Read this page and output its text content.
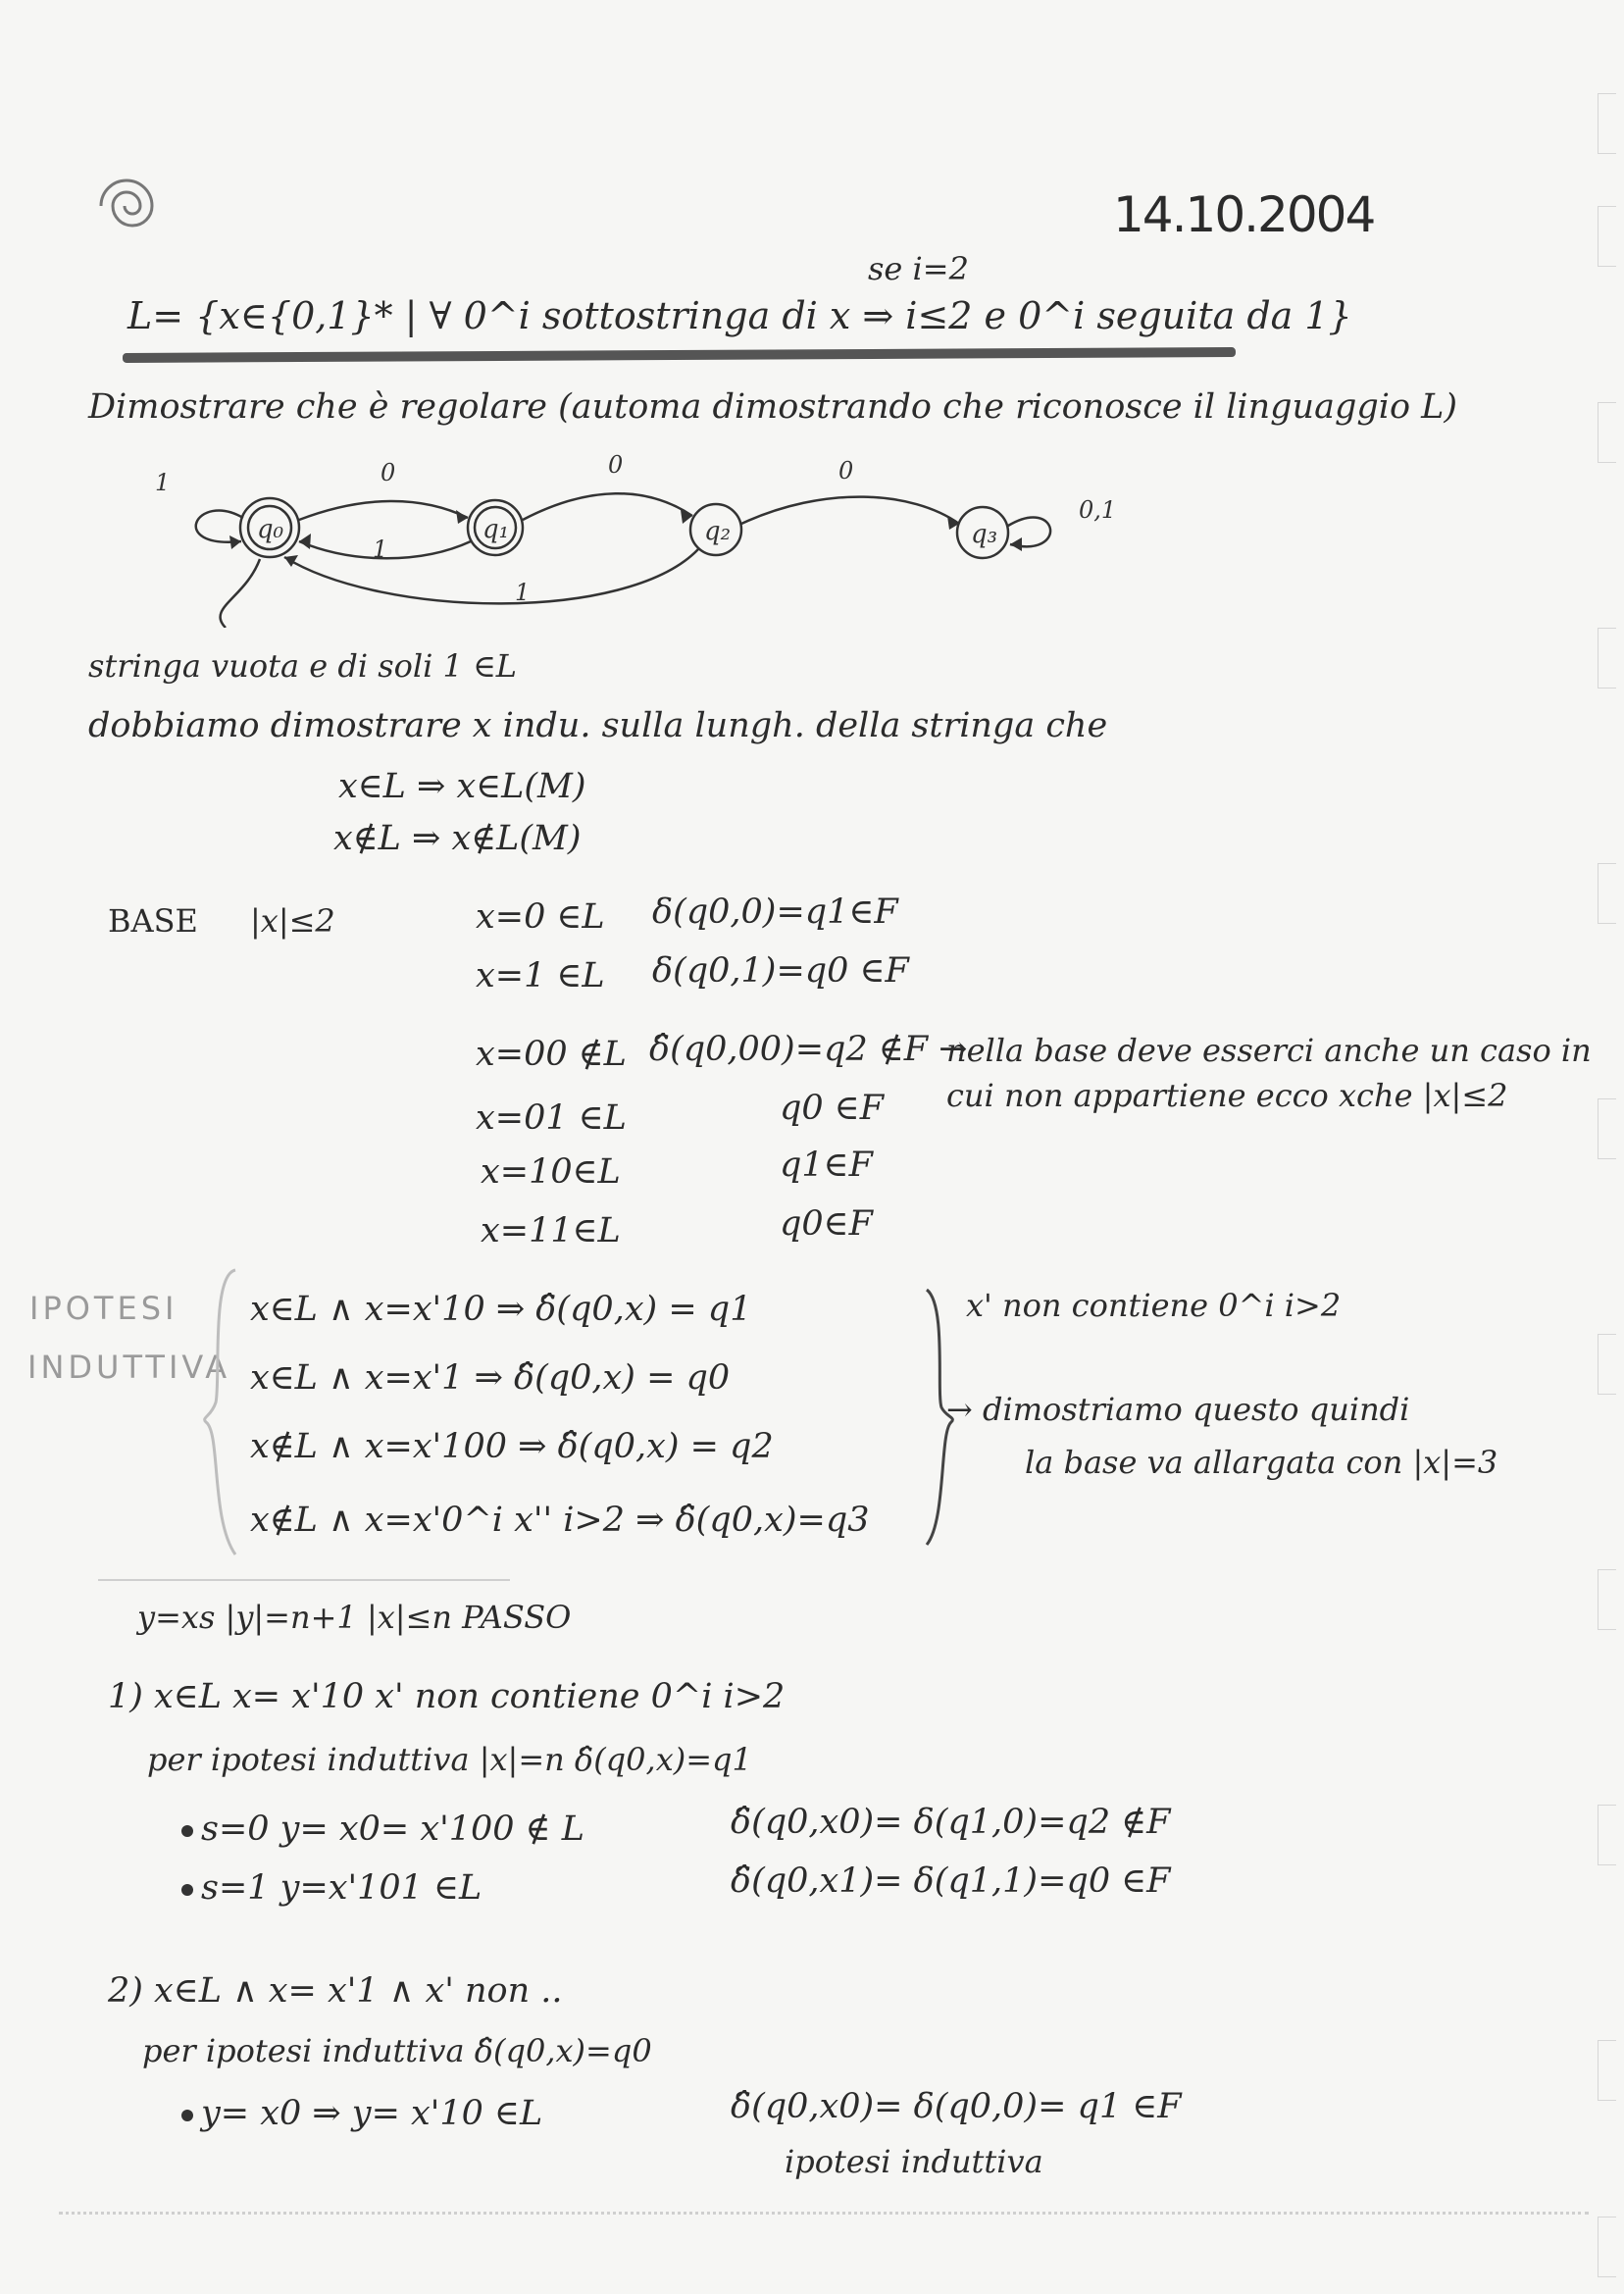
14.10.2004
se i=2
L= {x∈{0,1}* | ∀ 0^i sottostringa di x ⇒ i≤2 e 0^i seguita da 1}
Dimostrare che è regolare (automa dimostrando che riconosce il linguaggio L)
q₀	q₁	q₂	q₃
1	0
1
0
1
0
0,1
stringa vuota e di soli 1 ∈L
dobbiamo dimostrare x indu. sulla lungh. della stringa che
x∈L ⇒ x∈L(M)
x∉L ⇒ x∉L(M)
BASE |x|≤2	x=0 ∈L δ(q0,0)=q1∈F
x=1 ∈L δ(q0,1)=q0 ∈F
x=00 ∉L δ̂(q0,00)=q2 ∉F →
x=01 ∈L	q0 ∈F
x=10∈L	q1∈F
x=11∈L	q0∈F
nella base deve esserci anche un caso in
cui non appartiene ecco xche |x|≤2
IPOTESI
INDUTTIVA
x∈L ∧ x=x'10 ⇒ δ̂(q0,x) = q1
x∈L ∧ x=x'1 ⇒ δ̂(q0,x) = q0
x∉L ∧ x=x'100 ⇒ δ̂(q0,x) = q2
x∉L ∧ x=x'0^i x'' i>2 ⇒ δ̂(q0,x)=q3
x' non contiene 0^i i>2
→ dimostriamo questo quindi
la base va allargata con |x|=3
y=xs |y|=n+1 |x|≤n PASSO
1) x∈L x= x'10 x' non contiene 0^i i>2
per ipotesi induttiva |x|=n δ̂(q0,x)=q1
s=0 y= x0= x'100 ∉ L	δ̂(q0,x0)= δ(q1,0)=q2 ∉F
s=1 y=x'101 ∈L	δ̂(q0,x1)= δ(q1,1)=q0 ∈F
2) x∈L ∧ x= x'1 ∧ x' non ..
per ipotesi induttiva δ̂(q0,x)=q0
y= x0 ⇒ y= x'10 ∈L	δ̂(q0,x0)= δ(q0,0)= q1 ∈F
ipotesi induttiva
